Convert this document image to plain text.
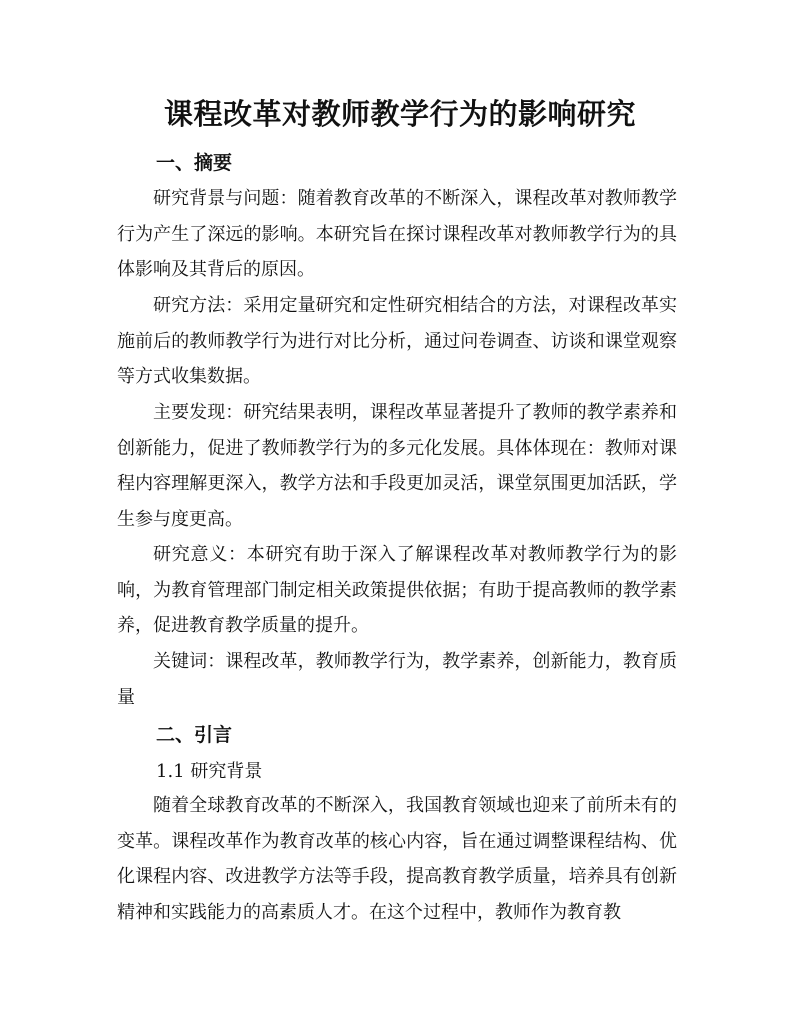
课程改革对教师教学行为的影响研究
一、摘要

研究背景与问题：随着教育改革的不断深入，课程改革对教师教学行为产生了深远的影响。本研究旨在探讨课程改革对教师教学行为的具体影响及其背后的原因。

研究方法：采用定量研究和定性研究相结合的方法，对课程改革实施前后的教师教学行为进行对比分析，通过问卷调查、访谈和课堂观察等方式收集数据。

主要发现：研究结果表明，课程改革显著提升了教师的教学素养和创新能力，促进了教师教学行为的多元化发展。具体体现在：教师对课程内容理解更深入，教学方法和手段更加灵活，课堂氛围更加活跃，学生参与度更高。

研究意义：本研究有助于深入了解课程改革对教师教学行为的影响，为教育管理部门制定相关政策提供依据；有助于提高教师的教学素养，促进教育教学质量的提升。

关键词：课程改革，教师教学行为，教学素养，创新能力，教育质量

二、引言
1.1 研究背景

随着全球教育改革的不断深入，我国教育领域也迎来了前所未有的变革。课程改革作为教育改革的核心内容，旨在通过调整课程结构、优化课程内容、改进教学方法等手段，提高教育教学质量，培养具有创新精神和实践能力的高素质人才。在这个过程中，教师作为教育教
